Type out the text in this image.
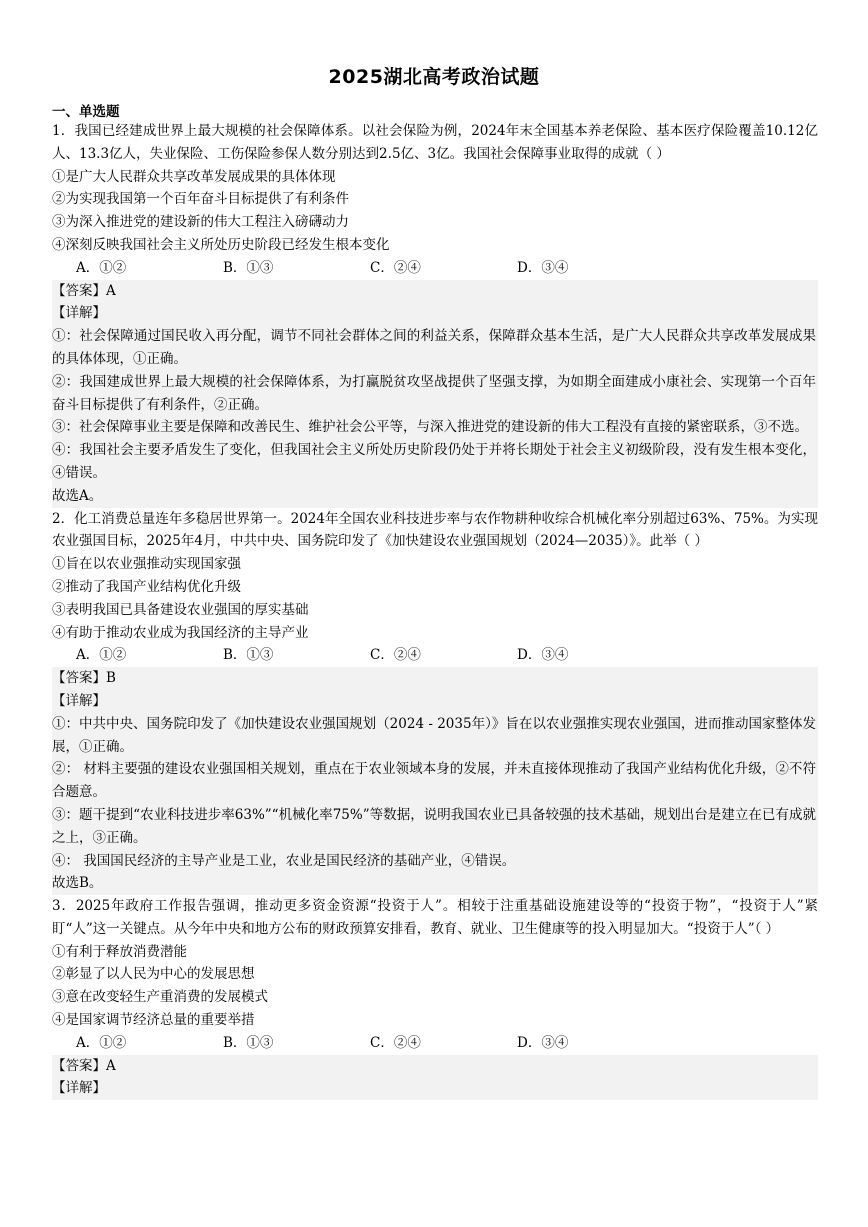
2025湖北高考政治试题
一、单选题

1．我国已经建成世界上最大规模的社会保障体系。以社会保险为例，2024年末全国基本养老保险、基本医疗保险覆盖10.12亿人、13.3亿人，失业保险、工伤保险参保人数分别达到2.5亿、3亿。我国社会保障事业取得的成就（ ）

①是广大人民群众共享改革发展成果的具体体现

②为实现我国第一个百年奋斗目标提供了有利条件

③为深入推进党的建设新的伟大工程注入磅礴动力

④深刻反映我国社会主义所处历史阶段已经发生根本变化

A．①②	B．①③	C．②④	D．③④

【答案】A

【详解】

①：社会保障通过国民收入再分配，调节不同社会群体之间的利益关系，保障群众基本生活，是广大人民群众共享改革发展成果的具体体现，①正确。

②：我国建成世界上最大规模的社会保障体系，为打赢脱贫攻坚战提供了坚强支撑，为如期全面建成小康社会、实现第一个百年奋斗目标提供了有利条件，②正确。

③：社会保障事业主要是保障和改善民生、维护社会公平等，与深入推进党的建设新的伟大工程没有直接的紧密联系，③不选。

④：我国社会主要矛盾发生了变化，但我国社会主义所处历史阶段仍处于并将长期处于社会主义初级阶段，没有发生根本变化，④错误。

故选A。

2．化工消费总量连年多稳居世界第一。2024年全国农业科技进步率与农作物耕种收综合机械化率分别超过63%、75%。为实现农业强国目标，2025年4月，中共中央、国务院印发了《加快建设农业强国规划（2024—2035）》。此举（ ）

①旨在以农业强推动实现国家强

②推动了我国产业结构优化升级

③表明我国已具备建设农业强国的厚实基础

④有助于推动农业成为我国经济的主导产业

A．①②	B．①③	C．②④	D．③④

【答案】B

【详解】

①：中共中央、国务院印发了《加快建设农业强国规划（2024 - 2035年）》旨在以农业强推实现农业强国，进而推动国家整体发展，①正确。

②： 材料主要强的建设农业强国相关规划，重点在于农业领域本身的发展，并未直接体现推动了我国产业结构优化升级，②不符合题意。

③：题干提到“农业科技进步率63%”“机械化率75%”等数据，说明我国农业已具备较强的技术基础，规划出台是建立在已有成就之上，③正确。

④： 我国国民经济的主导产业是工业，农业是国民经济的基础产业，④错误。

故选B。

3．2025年政府工作报告强调，推动更多资金资源“投资于人”。相较于注重基础设施建设等的“投资于物”，“投资于人”紧盯“人”这一关键点。从今年中央和地方公布的财政预算安排看，教育、就业、卫生健康等的投入明显加大。“投资于人”（ ）

①有利于释放消费潜能

②彰显了以人民为中心的发展思想

③意在改变轻生产重消费的发展模式

④是国家调节经济总量的重要举措

A．①②	B．①③	C．②④	D．③④

【答案】A

【详解】
